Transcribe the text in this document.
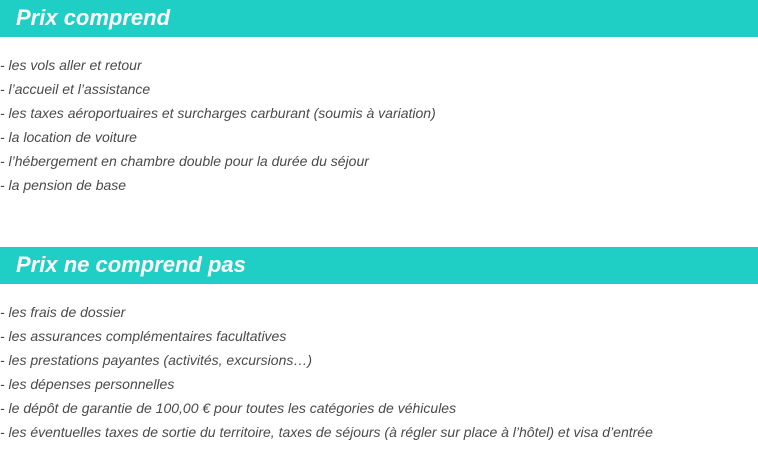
Prix comprend
- les vols aller et retour
- l’accueil et l’assistance
- les taxes aéroportuaires et surcharges carburant (soumis à variation)
- la location de voiture
- l’hébergement en chambre double pour la durée du séjour
- la pension de base
Prix ne comprend pas
- les frais de dossier
- les assurances complémentaires facultatives
- les prestations payantes (activités, excursions…)
- les dépenses personnelles
- le dépôt de garantie de 100,00 € pour toutes les catégories de véhicules
- les éventuelles taxes de sortie du territoire, taxes de séjours (à régler sur place à l’hôtel) et visa d’entrée
